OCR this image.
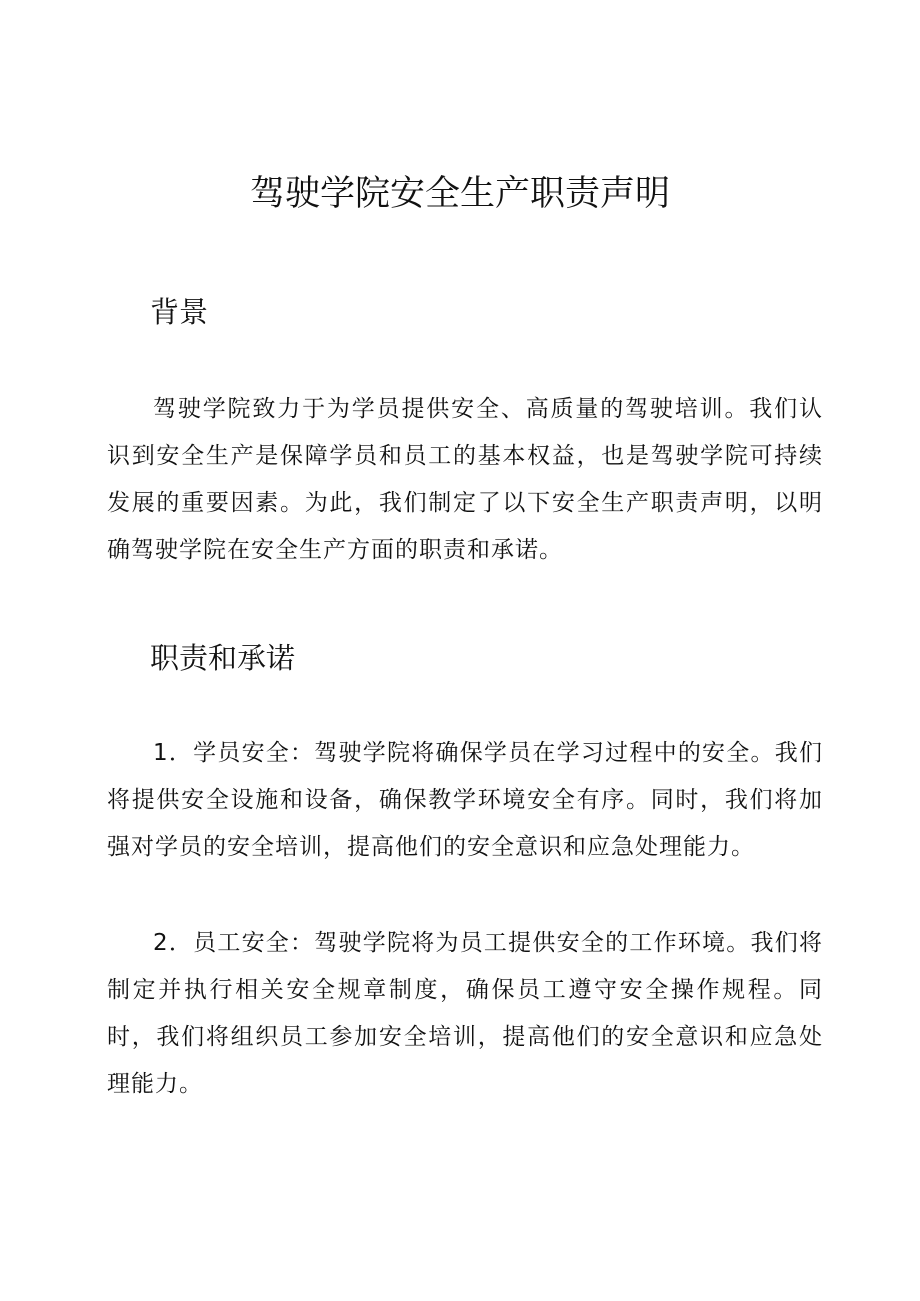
驾驶学院安全生产职责声明
背景

驾驶学院致力于为学员提供安全、高质量的驾驶培训。我们认识到安全生产是保障学员和员工的基本权益，也是驾驶学院可持续发展的重要因素。为此，我们制定了以下安全生产职责声明，以明确驾驶学院在安全生产方面的职责和承诺。

职责和承诺

1．学员安全：驾驶学院将确保学员在学习过程中的安全。我们将提供安全设施和设备，确保教学环境安全有序。同时，我们将加强对学员的安全培训，提高他们的安全意识和应急处理能力。

2．员工安全：驾驶学院将为员工提供安全的工作环境。我们将制定并执行相关安全规章制度，确保员工遵守安全操作规程。同时，我们将组织员工参加安全培训，提高他们的安全意识和应急处理能力。
